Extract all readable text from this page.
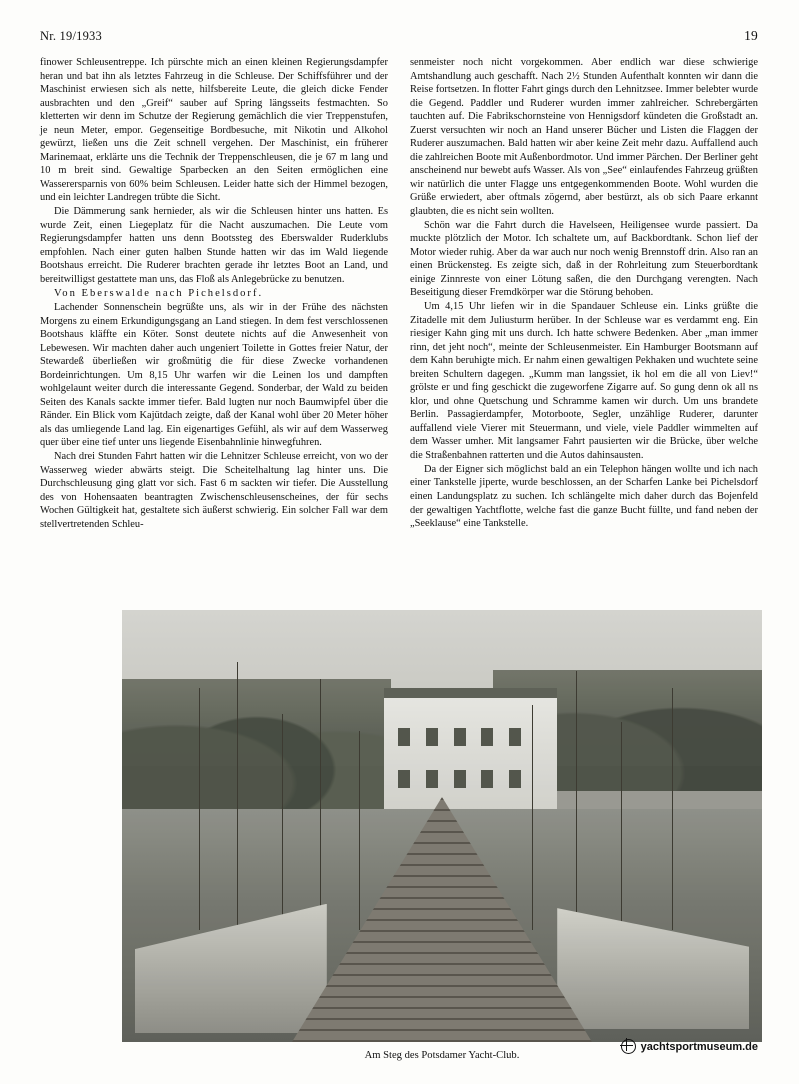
Nr. 19/1933	19

finower Schleusentreppe. Ich pürschte mich an einen kleinen Regierungsdampfer heran und bat ihn als letztes Fahrzeug in die Schleuse. Der Schiffsführer und der Maschinist erwiesen sich als nette, hilfsbereite Leute, die gleich dicke Fender ausbrachten und den „Greif“ sauber auf Spring längsseits festmachten. So kletterten wir denn im Schutze der Regierung gemächlich die vier Treppenstufen, je neun Meter, empor. Gegenseitige Bordbesuche, mit Nikotin und Alkohol gewürzt, ließen uns die Zeit schnell vergehen. Der Maschinist, ein früherer Marinemaat, erklärte uns die Technik der Treppenschleusen, die je 67 m lang und 10 m breit sind. Gewaltige Sparbecken an den Seiten ermöglichen eine Wasserersparnis von 60% beim Schleusen. Leider hatte sich der Himmel bezogen, und ein leichter Landregen trübte die Sicht.

Die Dämmerung sank hernieder, als wir die Schleusen hinter uns hatten. Es wurde Zeit, einen Liegeplatz für die Nacht auszumachen. Die Leute vom Regierungsdampfer hatten uns denn Bootssteg des Eberswalder Ruderklubs empfohlen. Nach einer guten halben Stunde hatten wir das im Wald liegende Bootshaus erreicht. Die Ruderer brachten gerade ihr letztes Boot an Land, und bereitwilligst gestattete man uns, das Floß als Anlegebrücke zu benutzen.

Von Eberswalde nach Pichelsdorf.

Lachender Sonnenschein begrüßte uns, als wir in der Frühe des nächsten Morgens zu einem Erkundigungsgang an Land stiegen. In dem fest verschlossenen Bootshaus kläffte ein Köter. Sonst deutete nichts auf die Anwesenheit von Lebewesen. Wir machten daher auch ungeniert Toilette in Gottes freier Natur, der Stewardeß überließen wir großmütig die für diese Zwecke vorhandenen Bordeinrichtungen. Um 8,15 Uhr warfen wir die Leinen los und dampften wohlgelaunt weiter durch die interessante Gegend. Sonderbar, der Wald zu beiden Seiten des Kanals sackte immer tiefer. Bald lugten nur noch Baumwipfel über die Ränder. Ein Blick vom Kajütdach zeigte, daß der Kanal wohl über 20 Meter höher als das umliegende Land lag. Ein eigenartiges Gefühl, als wir auf dem Wasserweg quer über eine tief unter uns liegende Eisenbahnlinie hinwegfuhren.

Nach drei Stunden Fahrt hatten wir die Lehnitzer Schleuse erreicht, von wo der Wasserweg wieder abwärts steigt. Die Scheitelhaltung lag hinter uns. Die Durchschleusung ging glatt vor sich. Fast 6 m sackten wir tiefer. Die Ausstellung des von Hohensaaten beantragten Zwischenschleusenscheines, der für sechs Wochen Gültigkeit hat, gestaltete sich äußerst schwierig. Ein solcher Fall war dem stellvertretenden Schleu-

senmeister noch nicht vorgekommen. Aber endlich war diese schwierige Amtshandlung auch geschafft. Nach 2½ Stunden Aufenthalt konnten wir dann die Reise fortsetzen. In flotter Fahrt gings durch den Lehnitzsee. Immer belebter wurde die Gegend. Paddler und Ruderer wurden immer zahlreicher. Schrebergärten tauchten auf. Die Fabrikschornsteine von Hennigsdorf kündeten die Großstadt an. Zuerst versuchten wir noch an Hand unserer Bücher und Listen die Flaggen der Ruderer auszumachen. Bald hatten wir aber keine Zeit mehr dazu. Auffallend auch die zahlreichen Boote mit Außenbordmotor. Und immer Pärchen. Der Berliner geht anscheinend nur bewebt aufs Wasser. Als von „See“ einlaufendes Fahrzeug grüßten wir natürlich die unter Flagge uns entgegenkommenden Boote. Wohl wurden die Grüße erwiedert, aber oftmals zögernd, aber bestürzt, als ob sich Paare erkannt glaubten, die es nicht sein wollten.

Schön war die Fahrt durch die Havelseen, Heiligensee wurde passiert. Da muckte plötzlich der Motor. Ich schaltete um, auf Backbordtank. Schon lief der Motor wieder ruhig. Aber da war auch nur noch wenig Brennstoff drin. Also ran an einen Brückensteg. Es zeigte sich, daß in der Rohrleitung zum Steuerbordtank einige Zinnreste von einer Lötung saßen, die den Durchgang verengten. Nach Beseitigung dieser Fremdkörper war die Störung behoben.

Um 4,15 Uhr liefen wir in die Spandauer Schleuse ein. Links grüßte die Zitadelle mit dem Juliusturm herüber. In der Schleuse war es verdammt eng. Ein riesiger Kahn ging mit uns durch. Ich hatte schwere Bedenken. Aber „man immer rinn, det jeht noch“, meinte der Schleusenmeister. Ein Hamburger Bootsmann auf dem Kahn beruhigte mich. Er nahm einen gewaltigen Pekhaken und wuchtete seine breiten Schultern dagegen. „Kumm man langssiet, ik hol em die all von Liev!“ grölste er und fing geschickt die zugeworfene Zigarre auf. So gung denn ok all ns klor, und ohne Quetschung und Schramme kamen wir durch. Um uns brandete Berlin. Passagierdampfer, Motorboote, Segler, unzählige Ruderer, darunter auffallend viele Vierer mit Steuermann, und viele, viele Paddler wimmelten auf dem Wasser umher. Mit langsamer Fahrt pausierten wir die Brücke, über welche die Straßenbahnen ratterten und die Autos dahinsausten.

Da der Eigner sich möglichst bald an ein Telephon hängen wollte und ich nach einer Tankstelle jiperte, wurde beschlossen, an der Scharfen Lanke bei Pichelsdorf einen Landungsplatz zu suchen. Ich schlängelte mich daher durch das Bojenfeld der gewaltigen Yachtflotte, welche fast die ganze Bucht füllte, und fand neben der „Seeklause“ eine Tankstelle.

Am Steg des Potsdamer Yacht-Club.
yachtsportmuseum.de
